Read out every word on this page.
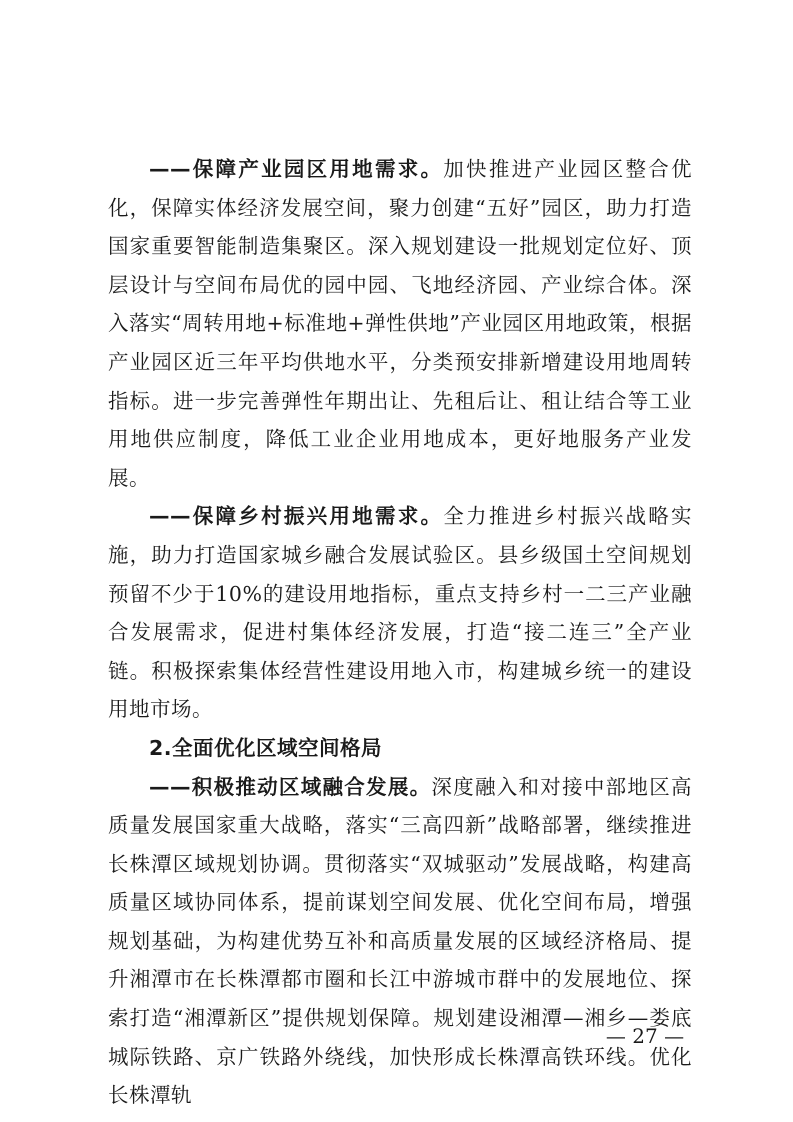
——保障产业园区用地需求。加快推进产业园区整合优化，保障实体经济发展空间，聚力创建“五好”园区，助力打造国家重要智能制造集聚区。深入规划建设一批规划定位好、顶层设计与空间布局优的园中园、飞地经济园、产业综合体。深入落实“周转用地+标准地+弹性供地”产业园区用地政策，根据产业园区近三年平均供地水平，分类预安排新增建设用地周转指标。进一步完善弹性年期出让、先租后让、租让结合等工业用地供应制度，降低工业企业用地成本，更好地服务产业发展。

——保障乡村振兴用地需求。全力推进乡村振兴战略实施，助力打造国家城乡融合发展试验区。县乡级国土空间规划预留不少于10%的建设用地指标，重点支持乡村一二三产业融合发展需求，促进村集体经济发展，打造“接二连三”全产业链。积极探索集体经营性建设用地入市，构建城乡统一的建设用地市场。

2.全面优化区域空间格局

——积极推动区域融合发展。深度融入和对接中部地区高质量发展国家重大战略，落实“三高四新”战略部署，继续推进长株潭区域规划协调。贯彻落实“双城驱动”发展战略，构建高质量区域协同体系，提前谋划空间发展、优化空间布局，增强规划基础，为构建优势互补和高质量发展的区域经济格局、提升湘潭市在长株潭都市圈和长江中游城市群中的发展地位、探索打造“湘潭新区”提供规划保障。规划建设湘潭—湘乡—娄底城际铁路、京广铁路外绕线，加快形成长株潭高铁环线。优化长株潭轨

— 27 —
